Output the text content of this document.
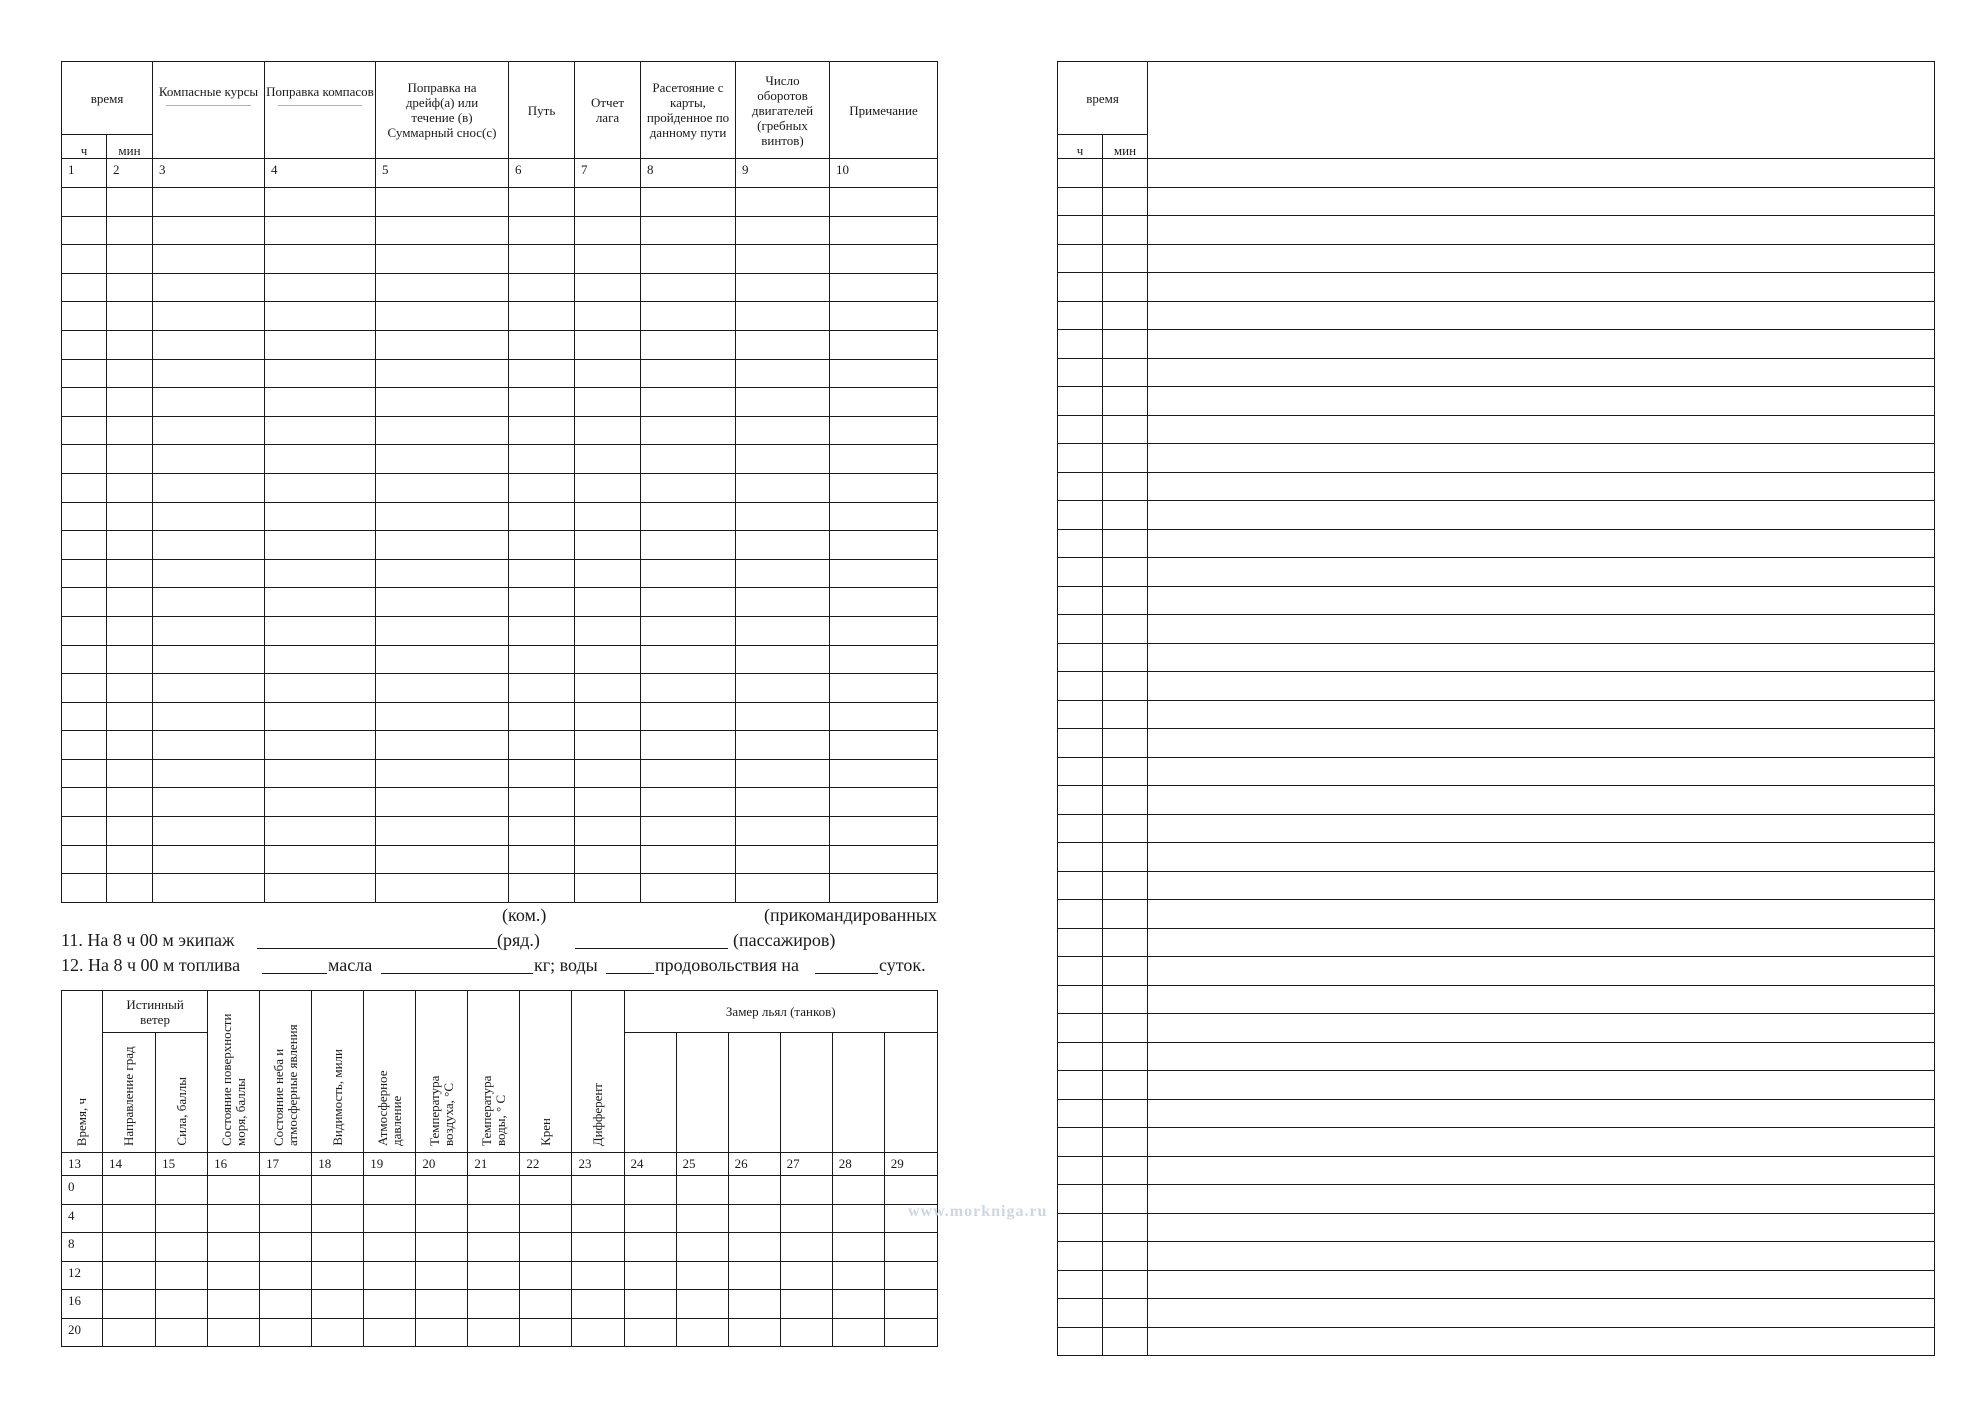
время		Компасные курсы	Поправка компасов	Поправка на дрейф(а) или течение (в) Суммарный снос(с)	Путь	Отчет лага	Расетояние с карты, пройденное по данному пути	Число оборотов двигателей (гребных винтов)	Примечание
ч	мин								
1	2	3	4	5	6	7	8	9	10

(ком.)	(прикомандированных
11. На 8 ч 00 м экипаж	(ряд.)	(пассажиров)
12. На 8 ч 00 м топлива	масла	кг; воды	продовольствия на	суток.
Время, ч	Истинный ветер		Состояние поверхности моря, баллы	Состояние неба и атмосферные явления	Видимость, мили	Атмосферное давление	Температура воздуха, °С	Температура воды, ° С	Крен	Дифферент	Замер льял (танков)					

	Направление град	Сила, баллы														

13	14	15	16	17	18	19	20	21	22	23	24	25	26	27	28	29
0																
4																
8																
12																
16																
20																
время		
ч	мин	

www.morkniga.ru
